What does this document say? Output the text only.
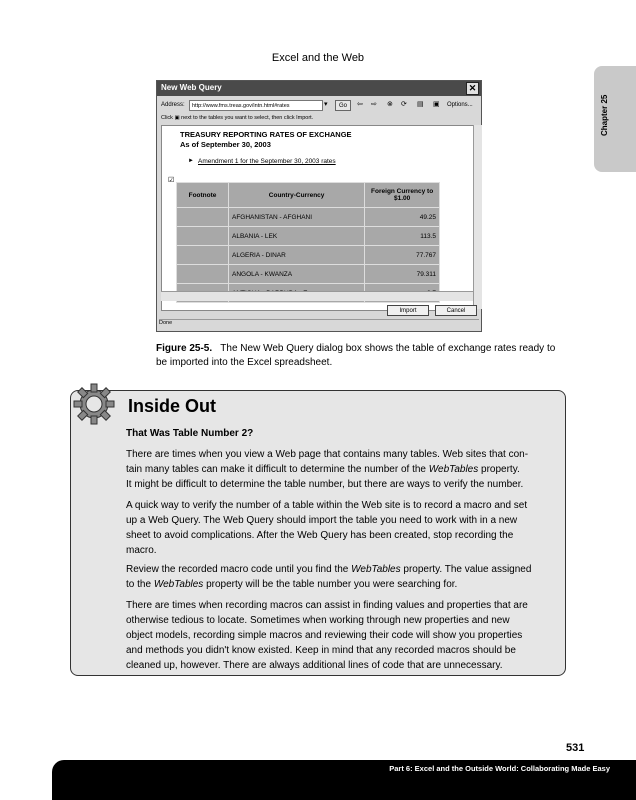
Excel and the Web
Chapter 25
New Web Query	✕
Address:	http://www.fms.treas.gov/intn.html#rates	▾	Go	⇦ ⇨ ⊗ ⟳ ▤ ▣ Options...
Click ▣ next to the tables you want to select, then click Import.
TREASURY REPORTING RATES OF EXCHANGE
As of September 30, 2003
► Amendment 1 for the September 30, 2003 rates
☑
Footnote	Country-Currency	Foreign Currency to $1.00
	AFGHANISTAN - AFGHANI	49.25
	ALBANIA - LEK	113.5
	ALGERIA - DINAR	77.767
	ANGOLA - KWANZA	79.311

Import	Cancel
Done
Figure 25-5. The New Web Query dialog box shows the table of exchange rates ready to be imported into the Excel spreadsheet.
Inside Out
That Was Table Number 2?
There are times when you view a Web page that contains many tables. Web sites that con-
tain many tables can make it difficult to determine the number of the WebTables property.
It might be difficult to determine the table number, but there are ways to verify the number.
A quick way to verify the number of a table within the Web site is to record a macro and set
up a Web Query. The Web Query should import the table you need to work with in a new
sheet to avoid complications. After the Web Query has been created, stop recording the
macro.
Review the recorded macro code until you find the WebTables property. The value assigned
to the WebTables property will be the table number you were searching for.
There are times when recording macros can assist in finding values and properties that are
otherwise tedious to locate. Sometimes when working through new properties and new
object models, recording simple macros and reviewing their code will show you properties
and methods you didn't know existed. Keep in mind that any recorded macros should be
cleaned up, however. There are always additional lines of code that are unnecessary.
531
Part 6: Excel and the Outside World: Collaborating Made Easy
